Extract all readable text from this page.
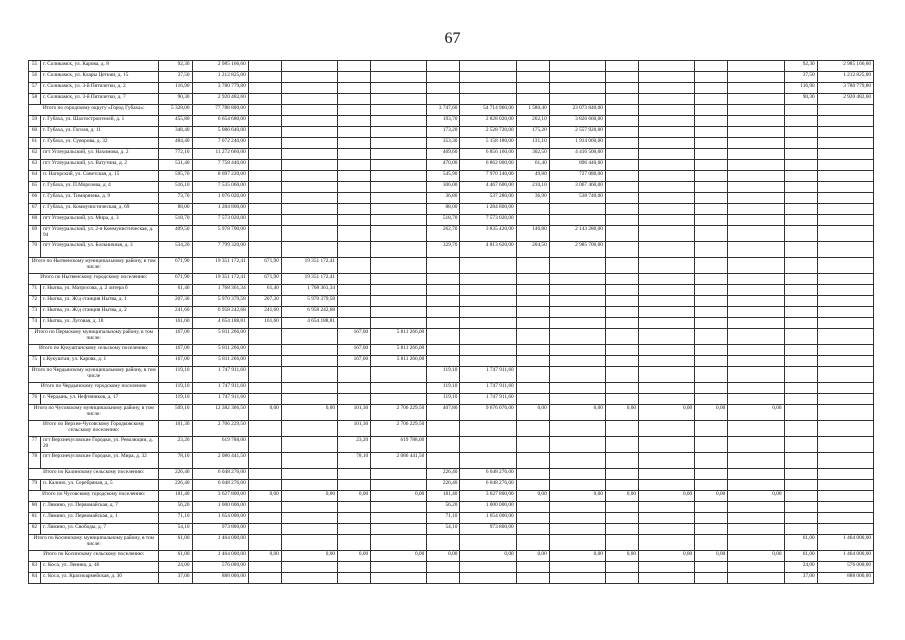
67
55	г. Соликамск, ул. Карова, д. 8	92,30	2 985 166,60													92,30	2 985 166,60
56	г. Соликамск, ул. Клары Цеткин, д. 15	37,50	1 212 825,00													37,50	1 212 825,00
57	г. Соликамск, ул. 3-й Пятилетки, д. 2	116,90	3 780 779,80													116,90	3 780 779,80
58	г. Соликамск, ул. 3-й Пятилетки, д. 7	90,30	2 920 482,60													90,30	2 920 482,60
Итого по городскому округу «Город Губаха»:		5 328,00	77 788 800,00					3 747,60	54 714 960,00	1 580,40	23 073 840,00						
59	г. Губаха, ул. Шахтостроителей, д. 1	455,80	6 654 680,00					193,70	2 828 020,00	262,10	3 826 660,00						
60	г. Губаха, ул. Гоголя, д. 11	348,40	5 086 640,00					173,20	2 528 720,00	175,20	2 557 920,00						
61	г. Губаха, ул. Суворова, д. 32	484,40	7 072 240,00					353,30	5 158 180,00	131,10	1 914 060,00						
62	пгт Углеуральский, ул. Нахимова, д. 2	772,10	11 272 660,00					469,60	6 856 160,00	302,50	4 416 500,00						
63	пгт Углеуральский, ул. Ватутина, д. 2	531,40	7 758 440,00					470,00	6 862 000,00	61,40	896 440,00						
64	п. Нагорский, ул. Советская, д. 15	595,70	8 697 220,00					545,90	7 970 140,00	49,80	727 080,00						
65	г. Губаха, ул. П.Морозова, д. 4	516,10	7 535 060,00					306,00	4 467 600,00	210,10	3 067 460,00						
66	г. Губаха, ул. Тимирязева, д. 9	73,70	1 076 020,00					36,80	537 280,00	36,90	538 740,00						
67	г. Губаха, ул. Коммунистическая, д. 69	88,00	1 284 800,00					88,00	1 284 800,00								
68	пгт Углеуральский, ул. Мира, д. 3	518,70	7 573 020,00					518,70	7 573 020,00								
69	пгт Углеуральский, ул. 2-я Коммунистическая, д. 94	409,50	5 978 700,00					262,70	3 835 420,00	146,80	2 143 280,00						
70	пгт Углеуральский, ул. Больничная, д. 3	534,20	7 799 320,00					329,70	4 813 620,00	204,50	2 985 700,00						
Итого по Нытвенскому муниципальному району, в том числе:		671,90	19 351 172,41	671,90	19 351 172,41												
Итого по Нытвенскому городскому поселению:		671,90	19 351 172,41	671,90	19 351 172,41												
71	г. Нытва, ул. Матросова, д. 2 литера б	61,40	1 768 361,34	61,40	1 768 361,34												
72	г. Нытва, ул. Ж/д станция Нытва, д. 1	207,30	5 970 379,58	207,30	5 970 379,58												
73	г. Нытва, ул. Ж/д станция Нытва, д. 2	241,60	6 958 242,68	241,60	6 958 242,68												
74	г. Нытва, ул. Луговая, д. 18	161,60	4 654 188,81	161,60	4 654 188,81												
Итого по Пермскому муниципальному району, в том числе:		167,00	5 811 266,00			167,00	5 811 266,00										
Итого по Кукуштанскому сельскому поселению:		167,00	5 811 266,00			167,00	5 811 266,00										
75	с.Кукуштан, ул. Карова, д. 1	167,00	5 811 266,00			167,00	5 811 266,00										
Итого по Чердынскому муниципальному району, в том числе		119,10	1 747 911,60					119,10	1 747 911,60								
Итого по Чердынскому городскому поселению		119,10	1 747 911,60					119,10	1 747 911,60								
76	г. Чердынь, ул. Нефтяников, д. 17	119,10	1 747 911,60					119,10	1 747 911,60								
Итого по Чусовскому муниципальному району, в том числе:		509,10	12 382 306,50	0,00	0,00	101,30	2 706 229,50	407,80	9 676 076,00	0,00	0,00	0,00	0,00	0,00	0,00		
Итого по Верхне-Чусовскому Городковскому сельскому поселению:		101,30	2 706 229,50			101,30	2 706 229,50										
77	пгт Верхнечусовские Городки, ул. Революции, д. 20	23,20	619 788,00			23,20	619 788,00										
78	пгт Верхнечусовские Городки, ул. Мира, д. 32	78,10	2 086 441,50			78,10	2 086 441,50										
Итого по Калинскому сельскому поселению:		226,40	6 048 276,00					226,40	6 048 276,00								
79	п. Калино, ул. Серебряная, д. 5	226,40	6 048 276,00					226,40	6 048 276,00								
Итого по Чусовскому городскому поселению:		181,40	3 627 800,00	0,00	0,00	0,00	0,00	181,40	3 627 800,00	0,00	0,00	0,00	0,00	0,00	0,00		
80	г. Лямино, ул. Первомайская, д. 7	56,20	1 000 000,00					56,20	1 000 000,00								
81	г. Лямино, ул. Первомайская, д. 1	71,10	1 654 000,00					71,10	1 654 000,00								
82	г. Лямино, ул. Свободы, д. 7	54,10	973 800,00					54,10	973 800,00								
Итого по Косинскому муниципальному району, в том числе:		61,00	1 464 000,00													61,00	1 464 000,00
Итого по Косинскому сельскому поселению:		61,00	1 464 000,00	0,00	0,00	0,00	0,00	0,00	0,00	0,00	0,00	0,00	0,00	0,00	0,00	61,00	1 464 000,00
83	с. Коса, ул. Ленина, д. 46	24,00	576 000,00													24,00	576 000,00
84	с. Коса, ул. Красноармейская, д. 36	37,00	888 000,00													37,00	888 000,00
